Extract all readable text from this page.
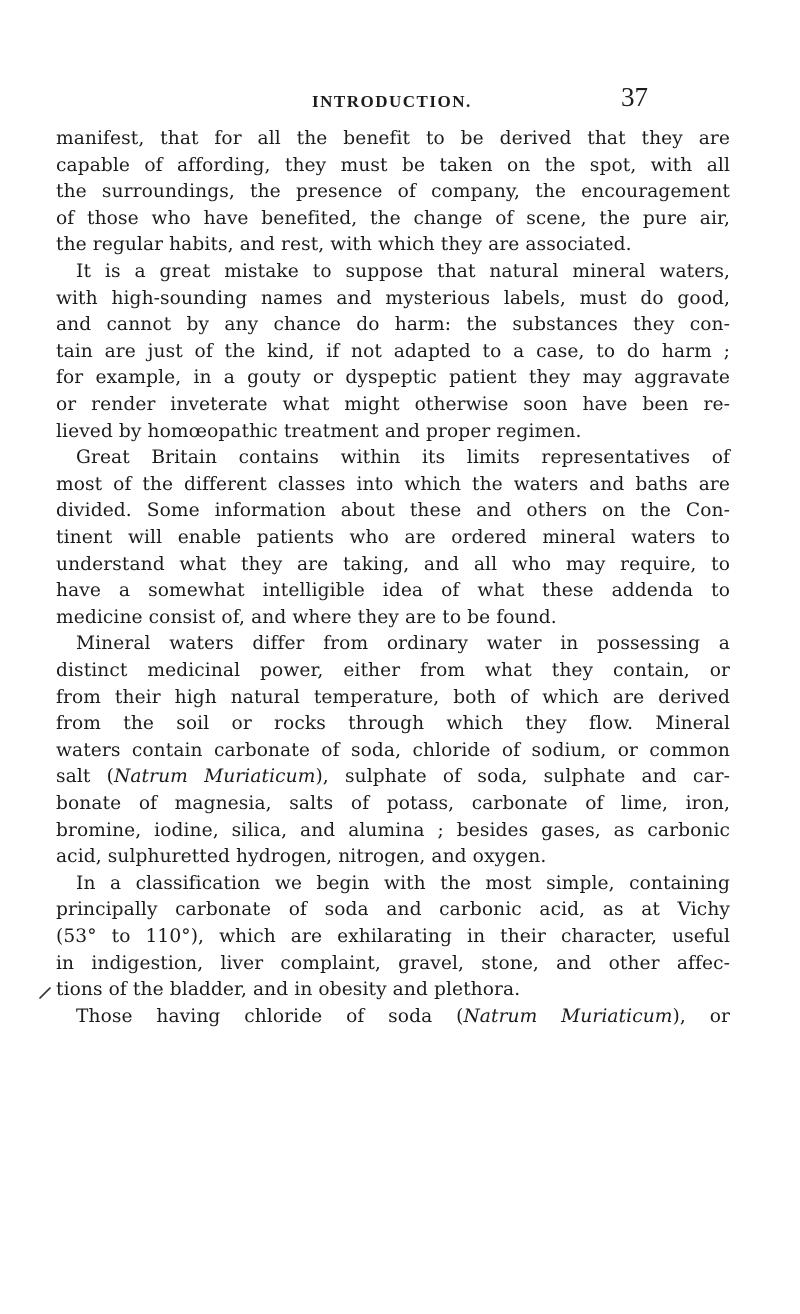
INTRODUCTION.	37
manifest, that for all the benefit to be derived that they are
capable of affording, they must be taken on the spot, with all
the surroundings, the presence of company, the encouragement
of those who have benefited, the change of scene, the pure air,
the regular habits, and rest, with which they are associated.
It is a great mistake to suppose that natural mineral waters,
with high-sounding names and mysterious labels, must do good,
and cannot by any chance do harm: the substances they con-
tain are just of the kind, if not adapted to a case, to do harm ;
for example, in a gouty or dyspeptic patient they may aggravate
or render inveterate what might otherwise soon have been re-
lieved by homœopathic treatment and proper regimen.
Great Britain contains within its limits representatives of
most of the different classes into which the waters and baths are
divided. Some information about these and others on the Con-
tinent will enable patients who are ordered mineral waters to
understand what they are taking, and all who may require, to
have a somewhat intelligible idea of what these addenda to
medicine consist of, and where they are to be found.
Mineral waters differ from ordinary water in possessing a
distinct medicinal power, either from what they contain, or
from their high natural temperature, both of which are derived
from the soil or rocks through which they flow. Mineral
waters contain carbonate of soda, chloride of sodium, or common
salt (Natrum Muriaticum), sulphate of soda, sulphate and car-
bonate of magnesia, salts of potass, carbonate of lime, iron,
bromine, iodine, silica, and alumina ; besides gases, as carbonic
acid, sulphuretted hydrogen, nitrogen, and oxygen.
In a classification we begin with the most simple, containing
principally carbonate of soda and carbonic acid, as at Vichy
(53° to 110°), which are exhilarating in their character, useful
in indigestion, liver complaint, gravel, stone, and other affec-
tions of the bladder, and in obesity and plethora.
Those having chloride of soda (Natrum Muriaticum), or
